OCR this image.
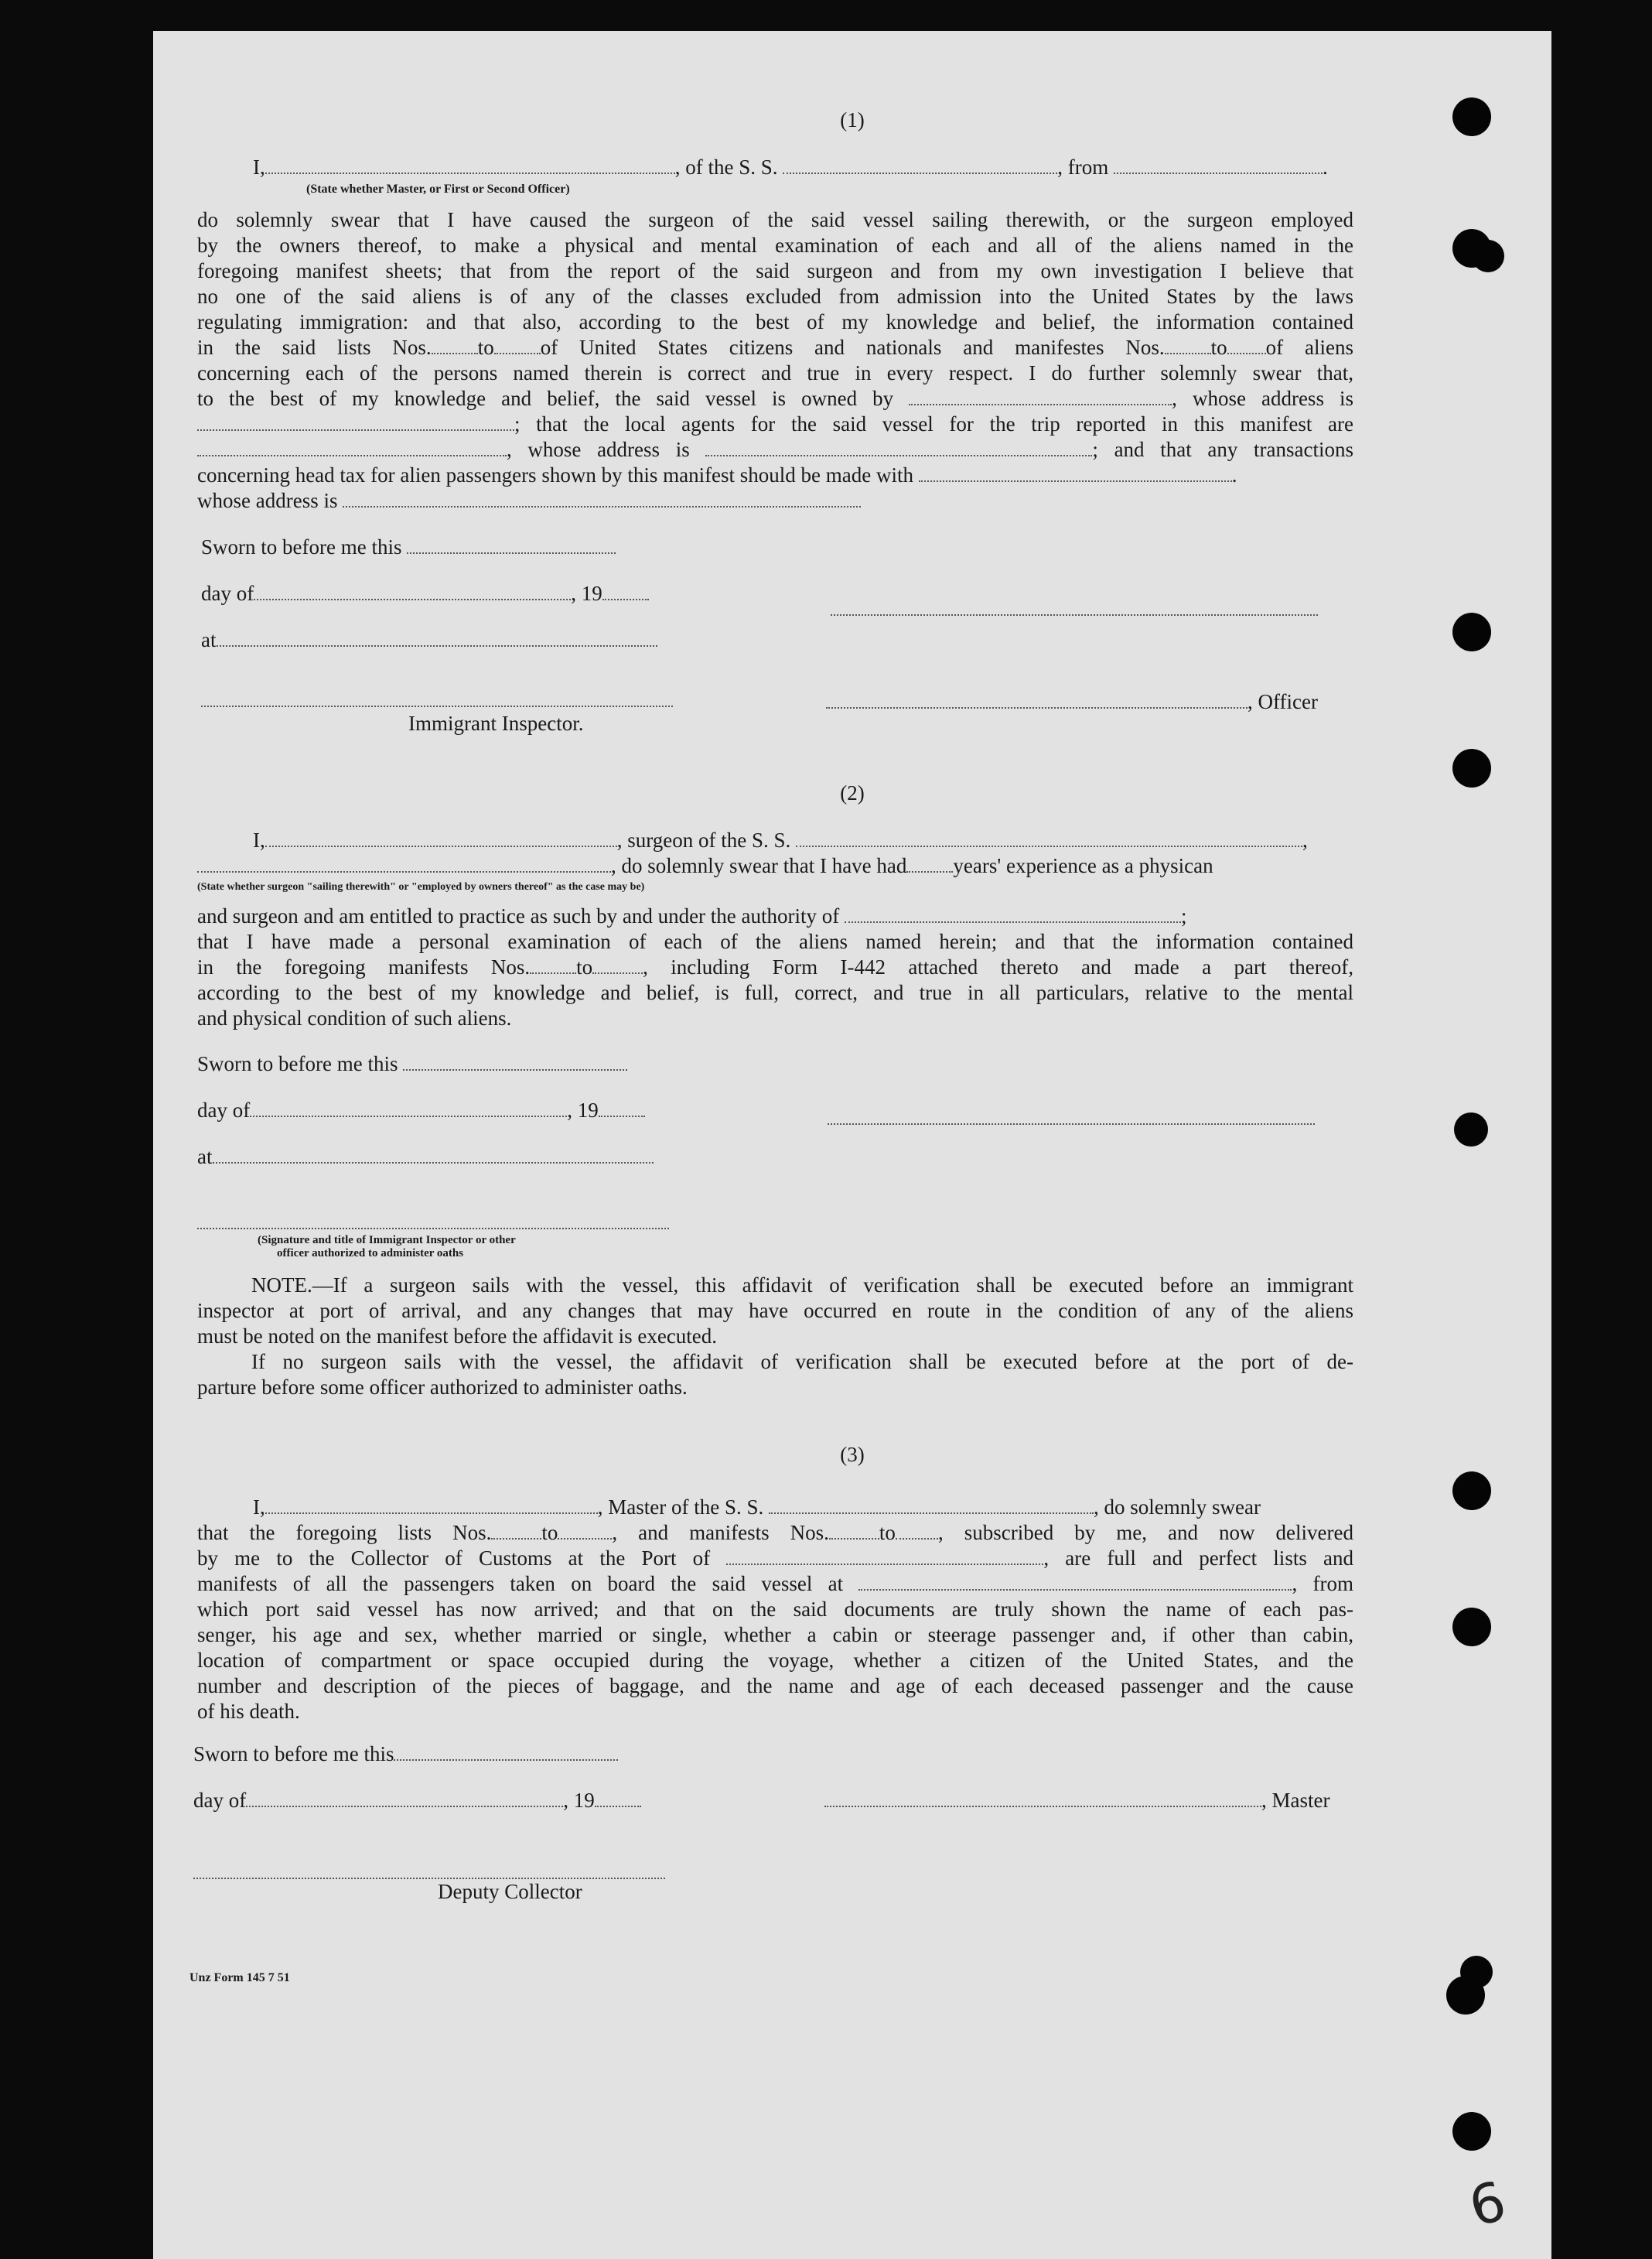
(1)
I,	, of the S. S.	, from	.
(State whether Master, or First or Second Officer)
do solemnly swear that I have caused the surgeon of the said vessel sailing therewith, or the surgeon employed
by the owners thereof, to make a physical and mental examination of each and all of the aliens named in the
foregoing manifest sheets; that from the report of the said surgeon and from my own investigation I believe that
no one of the said aliens is of any of the classes excluded from admission into the United States by the laws
regulating immigration: and that also, according to the best of my knowledge and belief, the information contained
in the said lists Nos. to of United States citizens and nationals and manifestes Nos. to of aliens
concerning each of the persons named therein is correct and true in every respect. I do further solemnly swear that,
to the best of my knowledge and belief, the said vessel is owned by	, whose address is
; that the local agents for the said vessel for the trip reported in this manifest are
, whose address is	; and that any transactions
concerning head tax for alien passengers shown by this manifest should be made with	.
whose address is
Sworn to before me this
day of	, 19
at
, Officer
Immigrant Inspector.
(2)
I,	, surgeon of the S. S.	,
, do solemnly swear that I have had years' experience as a physican
(State whether surgeon "sailing therewith" or "employed by owners thereof" as the case may be)
and surgeon and am entitled to practice as such by and under the authority of	;
that I have made a personal examination of each of the aliens named herein; and that the information contained
in the foregoing manifests Nos. to , including Form I-442 attached thereto and made a part thereof,
according to the best of my knowledge and belief, is full, correct, and true in all particulars, relative to the mental
and physical condition of such aliens.
Sworn to before me this
day of	, 19
at
(Signature and title of Immigrant Inspector or other
officer authorized to administer oaths
NOTE.—If a surgeon sails with the vessel, this affidavit of verification shall be executed before an immigrant
inspector at port of arrival, and any changes that may have occurred en route in the condition of any of the aliens
must be noted on the manifest before the affidavit is executed.
If no surgeon sails with the vessel, the affidavit of verification shall be executed before at the port of de-
parture before some officer authorized to administer oaths.
(3)
I,	, Master of the S. S.	, do solemnly swear
that the foregoing lists Nos. to	, and manifests Nos. to , subscribed by me, and now delivered
by me to the Collector of Customs at the Port of	, are full and perfect lists and
manifests of all the passengers taken on board the said vessel at	, from
which port said vessel has now arrived; and that on the said documents are truly shown the name of each pas-
senger, his age and sex, whether married or single, whether a cabin or steerage passenger and, if other than cabin,
location of compartment or space occupied during the voyage, whether a citizen of the United States, and the
number and description of the pieces of baggage, and the name and age of each deceased passenger and the cause
of his death.
Sworn to before me this
day of	, 19	, Master
Deputy Collector
Unz Form 145 7 51
6
